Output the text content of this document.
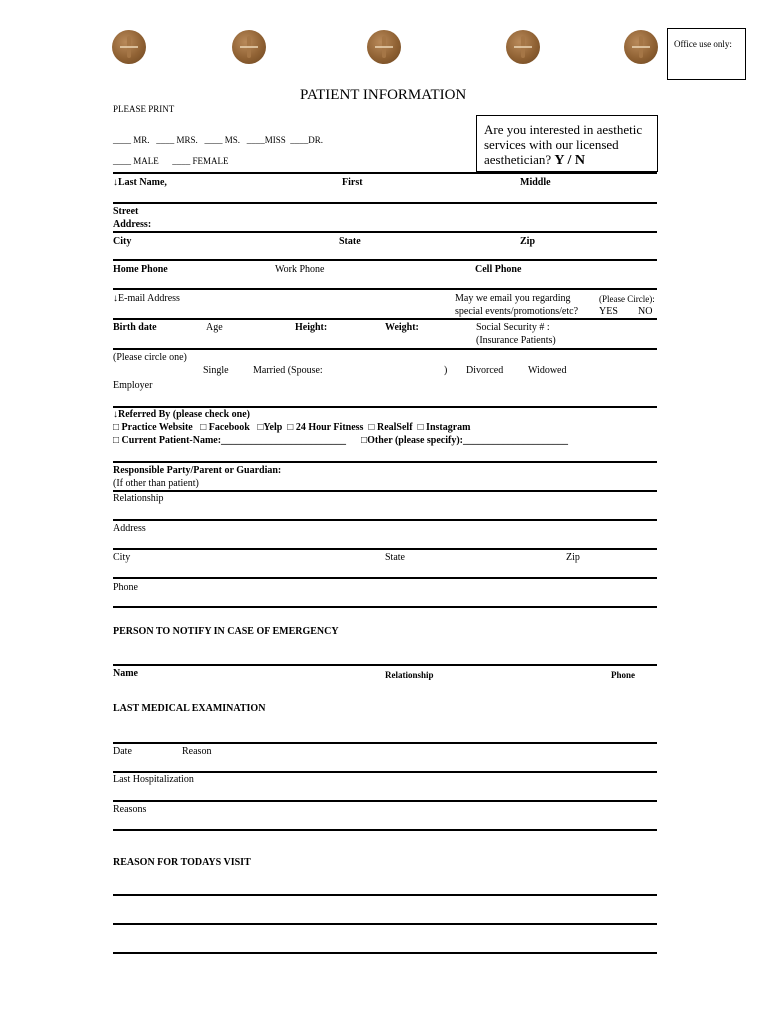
Office use only:
PATIENT INFORMATION
PLEASE PRINT
____ MR.   ____ MRS.   ____ MS.   ____MISS  ____DR.
____ MALE      ____ FEMALE
Are you interested in aesthetic services with our licensed aesthetician? Y / N
↓Last Name,	First	Middle
Street
Address:
City	State	Zip
Home Phone	Work Phone	Cell Phone
↓E-mail Address	May we email you regarding
special events/promotions/etc?
(Please Circle):
YES NO
Birth date	Age	Height:	Weight:	Social Security # :
(Insurance Patients)
(Please circle one)
Single Married (Spouse:	) Divorced Widowed
Employer
↓Referred By (please check one)
□ Practice Website   □ Facebook   □Yelp  □ 24 Hour Fitness  □ RealSelf  □ Instagram
□ Current Patient-Name:_________________________      □Other (please specify):_____________________
Responsible Party/Parent or Guardian:
(If other than patient)
Relationship
Address
City	State	Zip
Phone
PERSON TO NOTIFY IN CASE OF EMERGENCY
Name	Relationship	Phone
LAST MEDICAL EXAMINATION
Date	Reason
Last Hospitalization
Reasons
REASON FOR TODAYS VISIT
